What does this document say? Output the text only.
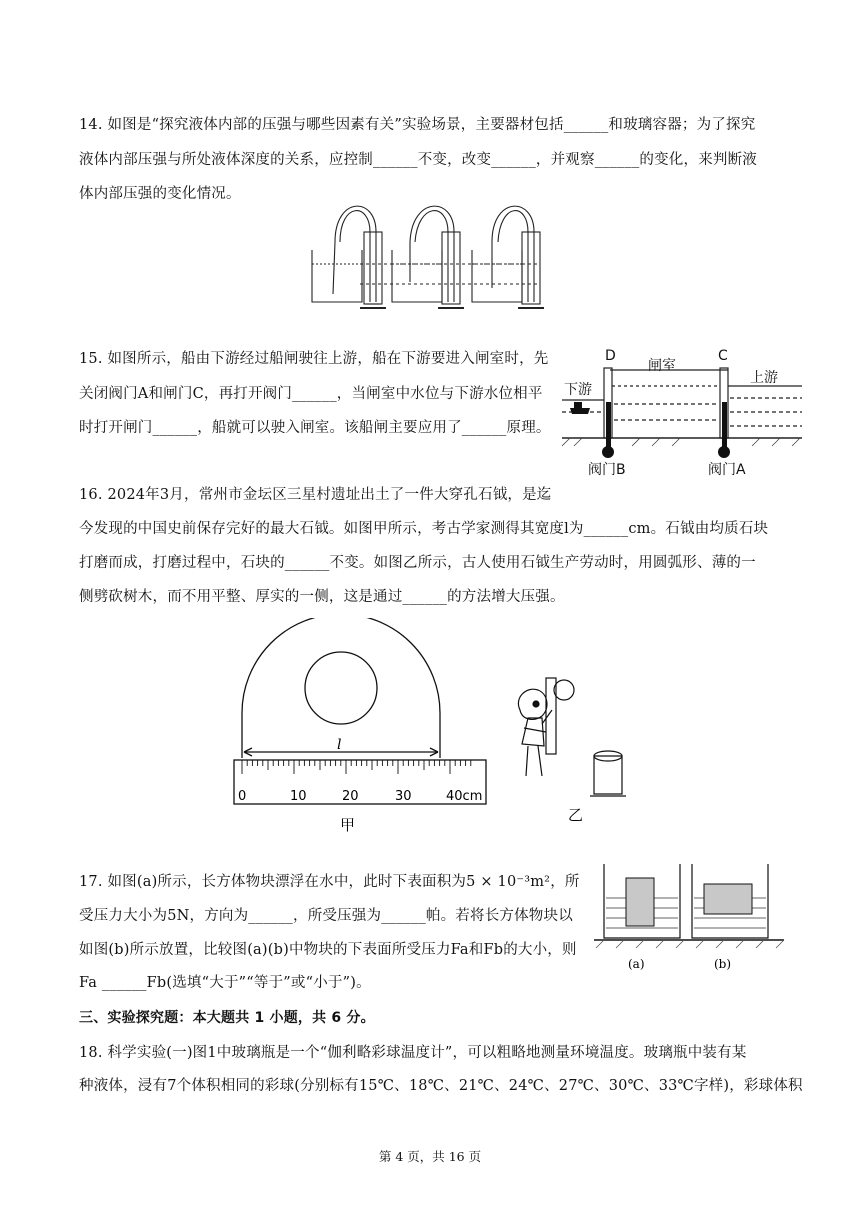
14. 如图是“探究液体内部的压强与哪些因素有关”实验场景，主要器材包括______和玻璃容器；为了探究
液体内部压强与所处液体深度的关系，应控制______不变，改变______，并观察______的变化，来判断液
体内部压强的变化情况。
15. 如图所示，船由下游经过船闸驶往上游，船在下游要进入闸室时，先
关闭阀门A和闸门C，再打开阀门______，当闸室中水位与下游水位相平
时打开闸门______，船就可以驶入闸室。该船闸主要应用了______原理。
D	C
闸室
上游
下游
阀门B	阀门A
16. 2024年3月，常州市金坛区三星村遗址出土了一件大穿孔石钺，是迄
今发现的中国史前保存完好的最大石钺。如图甲所示，考古学家测得其宽度l为______cm。石钺由均质石块
打磨而成，打磨过程中，石块的______不变。如图乙所示，古人使用石钺生产劳动时，用圆弧形、薄的一
侧劈砍树木，而不用平整、厚实的一侧，这是通过______的方法增大压强。
l
0	10	20	30	40cm
甲
乙
17. 如图(a)所示，长方体物块漂浮在水中，此时下表面积为5 × 10⁻³m²，所
受压力大小为5N，方向为______，所受压强为______帕。若将长方体物块以
如图(b)所示放置，比较图(a)(b)中物块的下表面所受压力Fa和Fb的大小，则
Fa ______Fb(选填“大于”“等于”或“小于”)。
(a)	(b)
三、实验探究题：本大题共 1 小题，共 6 分。
18. 科学实验(一)图1中玻璃瓶是一个“伽利略彩球温度计”，可以粗略地测量环境温度。玻璃瓶中装有某
种液体，浸有7个体积相同的彩球(分别标有15℃、18℃、21℃、24℃、27℃、30℃、33℃字样)，彩球体积
第 4 页，共 16 页
